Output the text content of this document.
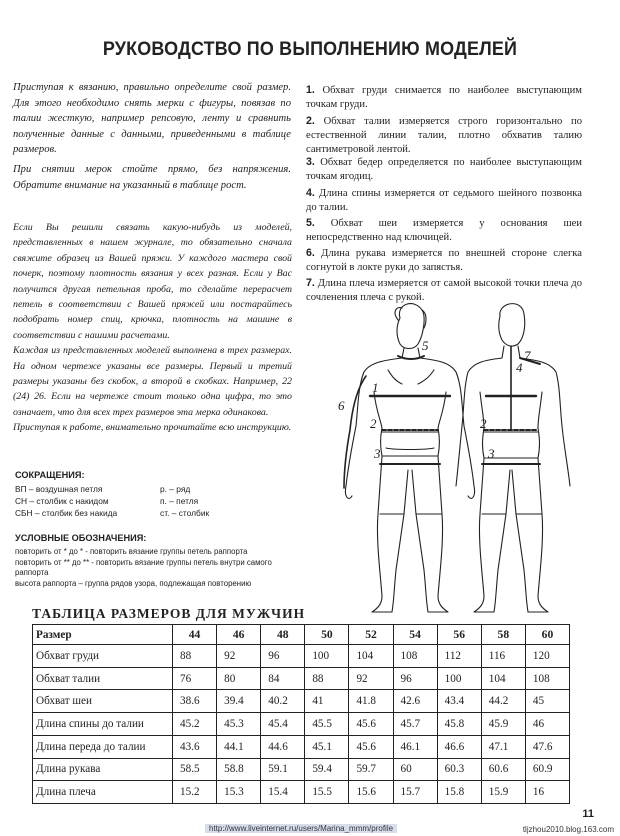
РУКОВОДСТВО ПО ВЫПОЛНЕНИЮ МОДЕЛЕЙ

Приступая к вязанию, правильно определите свой размер. Для этого необходимо снять мерки с фигуры, повязав по талии жесткую, например репсовую, ленту и сравнить полученные данные с данными, приведенными в таблице размеров.

При снятии мерок стойте прямо, без напряжения. Обратите внимание на указанный в таблице рост.

Если Вы решили связать какую-нибудь из моделей, представленных в нашем журнале, то обязательно сначала свяжите образец из Вашей пряжи. У каждого мастера свой почерк, поэтому плотность вязания у всех разная. Если у Вас получится другая петельная проба, то сделайте перерасчет петель в соответствии с Вашей пряжей или постарайтесь подобрать номер спиц, крючка, плотность на машине в соответствии с нашими расчетами.

Каждая из представленных моделей выполнена в трех размерах. На одном чертеже указаны все размеры. Первый и третий размеры указаны без скобок, а второй в скобках. Например, 22 (24) 26. Если на чертеже стоит только одна цифра, то это означает, что для всех трех размеров эта мерка одинакова.

Приступая к работе, внимательно прочитайте всю инструкцию.

СОКРАЩЕНИЯ:
ВП – воздушная петля
СН – столбик с накидом
СБН – столбик без накида
р. – ряд
п. – петля
ст. – столбик
УСЛОВНЫЕ ОБОЗНАЧЕНИЯ:
повторить от * до * - повторить вязание группы петель раппорта
повторить от ** до ** - повторить вязание группы петель внутри самого
раппорта
высота раппорта – группа рядов узора, подлежащая повторению
1. Обхват груди снимается по наиболее выступающим точкам груди.
2. Обхват талии измеряется строго горизонтально по естественной линии талии, плотно обхватив талию сантиметровой лентой.
3. Обхват бедер определяется по наиболее выступающим точкам ягодиц.
4. Длина спины измеряется от седьмого шейного позвонка до талии.
5. Обхват шеи измеряется у основания шеи непосредственно над ключицей.
6. Длина рукава измеряется по внешней стороне слегка согнутой в локте руки до запястья.
7. Длина плеча измеряется от самой высокой точки плеча до сочленения плеча с рукой.
1
2
3
5
6
7
4
2
3
ТАБЛИЦА РАЗМЕРОВ ДЛЯ МУЖЧИН
Размер	44	46	48	50	52	54	56	58	60
Обхват груди	88	92	96	100	104	108	112	116	120
Обхват талии	76	80	84	88	92	96	100	104	108
Обхват шеи	38.6	39.4	40.2	41	41.8	42.6	43.4	44.2	45
Длина спины до талии	45.2	45.3	45.4	45.5	45.6	45.7	45.8	45.9	46
Длина переда до талии	43.6	44.1	44.6	45.1	45.6	46.1	46.6	47.1	47.6
Длина рукава	58.5	58.8	59.1	59.4	59.7	60	60.3	60.6	60.9
Длина плеча	15.2	15.3	15.4	15.5	15.6	15.7	15.8	15.9	16
11
http://www.liveinternet.ru/users/Marina_mmm/profile	tljzhou2010.blog.163.com
